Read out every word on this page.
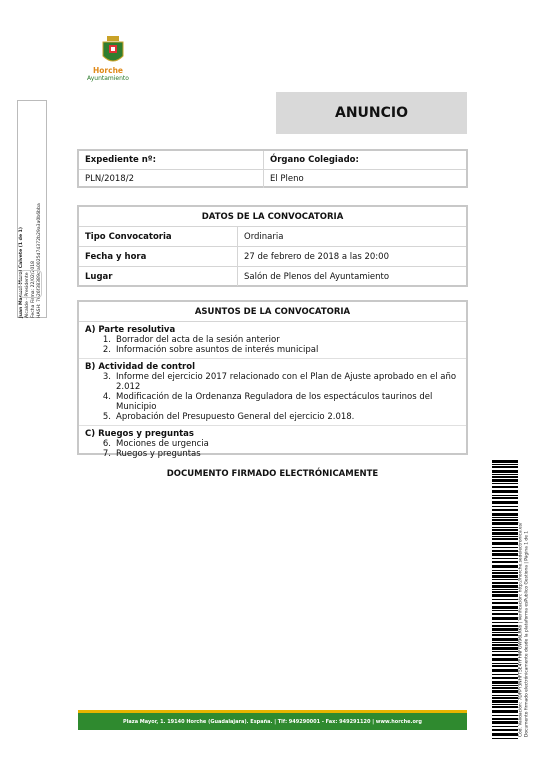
Horche
Ayuntamiento
Juan Manuel Moral Calvete (1 de 1) Alcalde - Presidente Fecha Firma: 22/02/2018 HASH: 7626f38389cfa0025d74372b29a3a0b6bba
ANUNCIO
Expediente nº:	Órgano Colegiado:
PLN/2018/2	El Pleno
DATOS DE LA CONVOCATORIA
Tipo Convocatoria	Ordinaria
Fecha y hora	27 de febrero de 2018 a las 20:00
Lugar	Salón de Plenos del Ayuntamiento
ASUNTOS DE LA CONVOCATORIA
A) Parte resolutiva
1. Borrador del acta de la sesión anterior
2. Información sobre asuntos de interés municipal
B) Actividad de control
3. Informe del ejercicio 2017 relacionado con el Plan de Ajuste aprobado en el año 2.012
4. Modificación de la Ordenanza Reguladora de los espectáculos taurinos del Municipio
5. Aprobación del Presupuesto General del ejercicio 2.018.
C) Ruegos y preguntas
6. Mociones de urgencia
7. Ruegos y preguntas
DOCUMENTO FIRMADO ELECTRÓNICAMENTE
Cód. Validación: 7DFPY3NHFTSE4YFHNFGW96LRK6 | Verificación: http://horche.sedelectronica.es/ Documento firmado electrónicamente desde la plataforma esPublico Gestiona | Página 1 de 1
Plaza Mayor, 1. 19140 Horche (Guadalajara). España. | Tlf: 949290001 - Fax: 949291120 | www.horche.org
